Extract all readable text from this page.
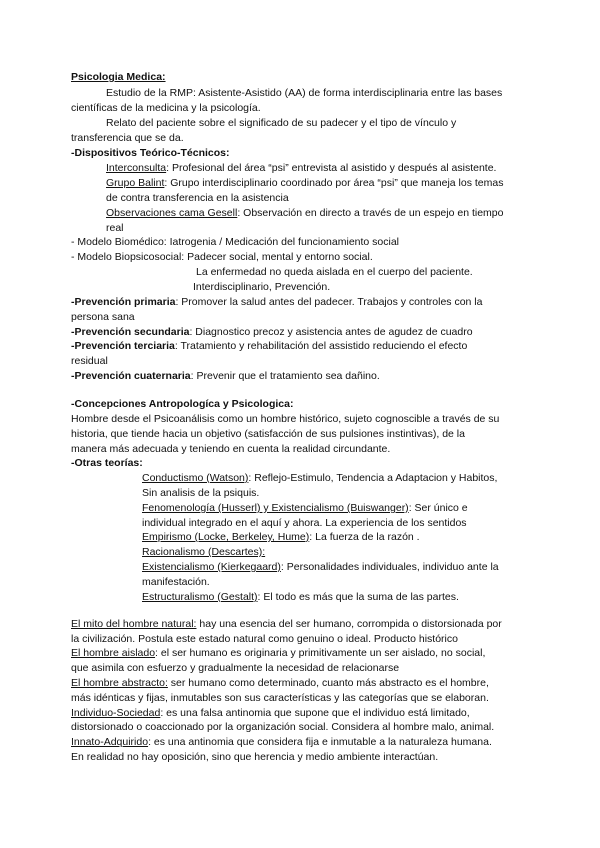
Psicologia Medica:
Estudio de la RMP: Asistente-Asistido (AA) de forma interdisciplinaria entre las bases
científicas de la medicina y la psicología.
Relato del paciente sobre el significado de su padecer y el tipo de vínculo y
transferencia que se da.
-Dispositivos Teórico-Técnicos:
Interconsulta: Profesional del área “psi” entrevista al asistido y después al asistente.
Grupo Balint: Grupo interdisciplinario coordinado por área “psi” que maneja los temas
de contra transferencia en la asistencia
Observaciones cama Gesell: Observación en directo a través de un espejo en tiempo
real
- Modelo Biomédico: Iatrogenia / Medicación del funcionamiento social
- Modelo Biopsicosocial: Padecer social, mental y entorno social.
La enfermedad no queda aislada en el cuerpo del paciente.
Interdisciplinario, Prevención.
-Prevención primaria: Promover la salud antes del padecer. Trabajos y controles con la
persona sana
-Prevención secundaria: Diagnostico precoz y asistencia antes de agudez de cuadro
-Prevención terciaria: Tratamiento y rehabilitación del assistido reduciendo el efecto
residual
-Prevención cuaternaria: Prevenir que el tratamiento sea dañino.
-Concepciones Antropologíca y Psicologica:
Hombre desde el Psicoanálisis como un hombre histórico, sujeto cognoscible a través de su
historia, que tiende hacia un objetivo (satisfacción de sus pulsiones instintivas), de la
manera más adecuada y teniendo en cuenta la realidad circundante.
-Otras teorías:
Conductismo (Watson): Reflejo-Estimulo, Tendencia a Adaptacion y Habitos,
Sin analisis de la psiquis.
Fenomenología (Husserl) y Existencialismo (Buiswanger): Ser único e
individual integrado en el aquí y ahora. La experiencia de los sentidos
Empirismo (Locke, Berkeley, Hume): La fuerza de la razón .
Racionalismo (Descartes):
Existencialismo (Kierkegaard): Personalidades individuales, individuo ante la
manifestación.
Estructuralismo (Gestalt): El todo es más que la suma de las partes.
El mito del hombre natural: hay una esencia del ser humano, corrompida o distorsionada por
la civilización. Postula este estado natural como genuino o ideal. Producto histórico
El hombre aislado: el ser humano es originaria y primitivamente un ser aislado, no social,
que asimila con esfuerzo y gradualmente la necesidad de relacionarse
El hombre abstracto: ser humano como determinado, cuanto más abstracto es el hombre,
más idénticas y fijas, inmutables son sus características y las categorías que se elaboran.
Individuo-Sociedad: es una falsa antinomia que supone que el individuo está limitado,
distorsionado o coaccionado por la organización social. Considera al hombre malo, animal.
Innato-Adquirido: es una antinomia que considera fija e inmutable a la naturaleza humana.
En realidad no hay oposición, sino que herencia y medio ambiente interactúan.
